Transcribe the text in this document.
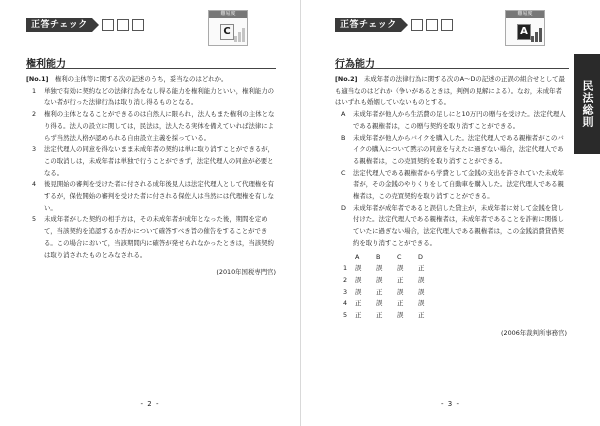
正答チェック
難易度
C
権利能力

[No.1]　 権利の主体等に関する次の記述のうち，妥当なのはどれか。

1 単独で有効に契約などの法律行為をなし得る能力を権利能力といい，権利能力のない者が行った法律行為は取り消し得るものとなる。

2 権利の主体となることができるのは自然人に限られ，法人もまた権利の主体となり得る。法人の設立に関しては，民法は，法人たる実体を備えていれば法律によらず当然法人格が認められる自由設立主義を採っている。

3 法定代理人の同意を得ないまま未成年者の契約は単に取り消すことができるが，この取消しは，未成年者は単独で行うことができず，法定代理人の同意が必要となる。

4 後見開始の審判を受けた者に付される成年後見人は法定代理人として代理権を有するが，保佐開始の審判を受けた者に付される保佐人は当然には代理権を有しない。

5 未成年者がした契約の相手方は，その未成年者が成年となった後，期間を定めて，当該契約を追認するか否かについて確答すべき旨の催告をすることができる。この場合において，当該期間内に確答が発せられなかったときは，当該契約は取り消されたものとみなされる。

(2010年国税専門官)
- 2 -
正答チェック
難易度
A
行為能力

[No.2]　 未成年者の法律行為に関する次のA～Dの記述の正誤の組合せとして最も適当なのはどれか（争いがあるときは，判例の見解による）。なお，未成年者はいずれも婚姻していないものとする。

A 未成年者が他人から生活費の足しにと10万円の贈与を受けた。法定代理人である親権者は，この贈与契約を取り消すことができる。

B 未成年者が他人からバイクを購入した。法定代理人である親権者がこのバイクの購入について黙示の同意を与えたに過ぎない場合，法定代理人である親権者は，この売買契約を取り消すことができる。

C 法定代理人である親権者から学費として金銭の支出を許されていた未成年者が，その金銭のやりくりをして自動車を購入した。法定代理人である親権者は，この売買契約を取り消すことができる。

D 未成年者が成年者であると誤信した貸主が，未成年者に対して金銭を貸し付けた。法定代理人である親権者は，未成年者であることを詐術に関係していたに過ぎない場合，法定代理人である親権者は，この金銭消費貸借契約を取り消すことができる。

	A	B	C	D
1	誤	誤	誤	正
2	誤	誤	正	誤
3	誤	正	誤	誤
4	正	誤	正	誤
5	正	正	誤	正
(2006年裁判所事務官)
- 3 -
民法総則
